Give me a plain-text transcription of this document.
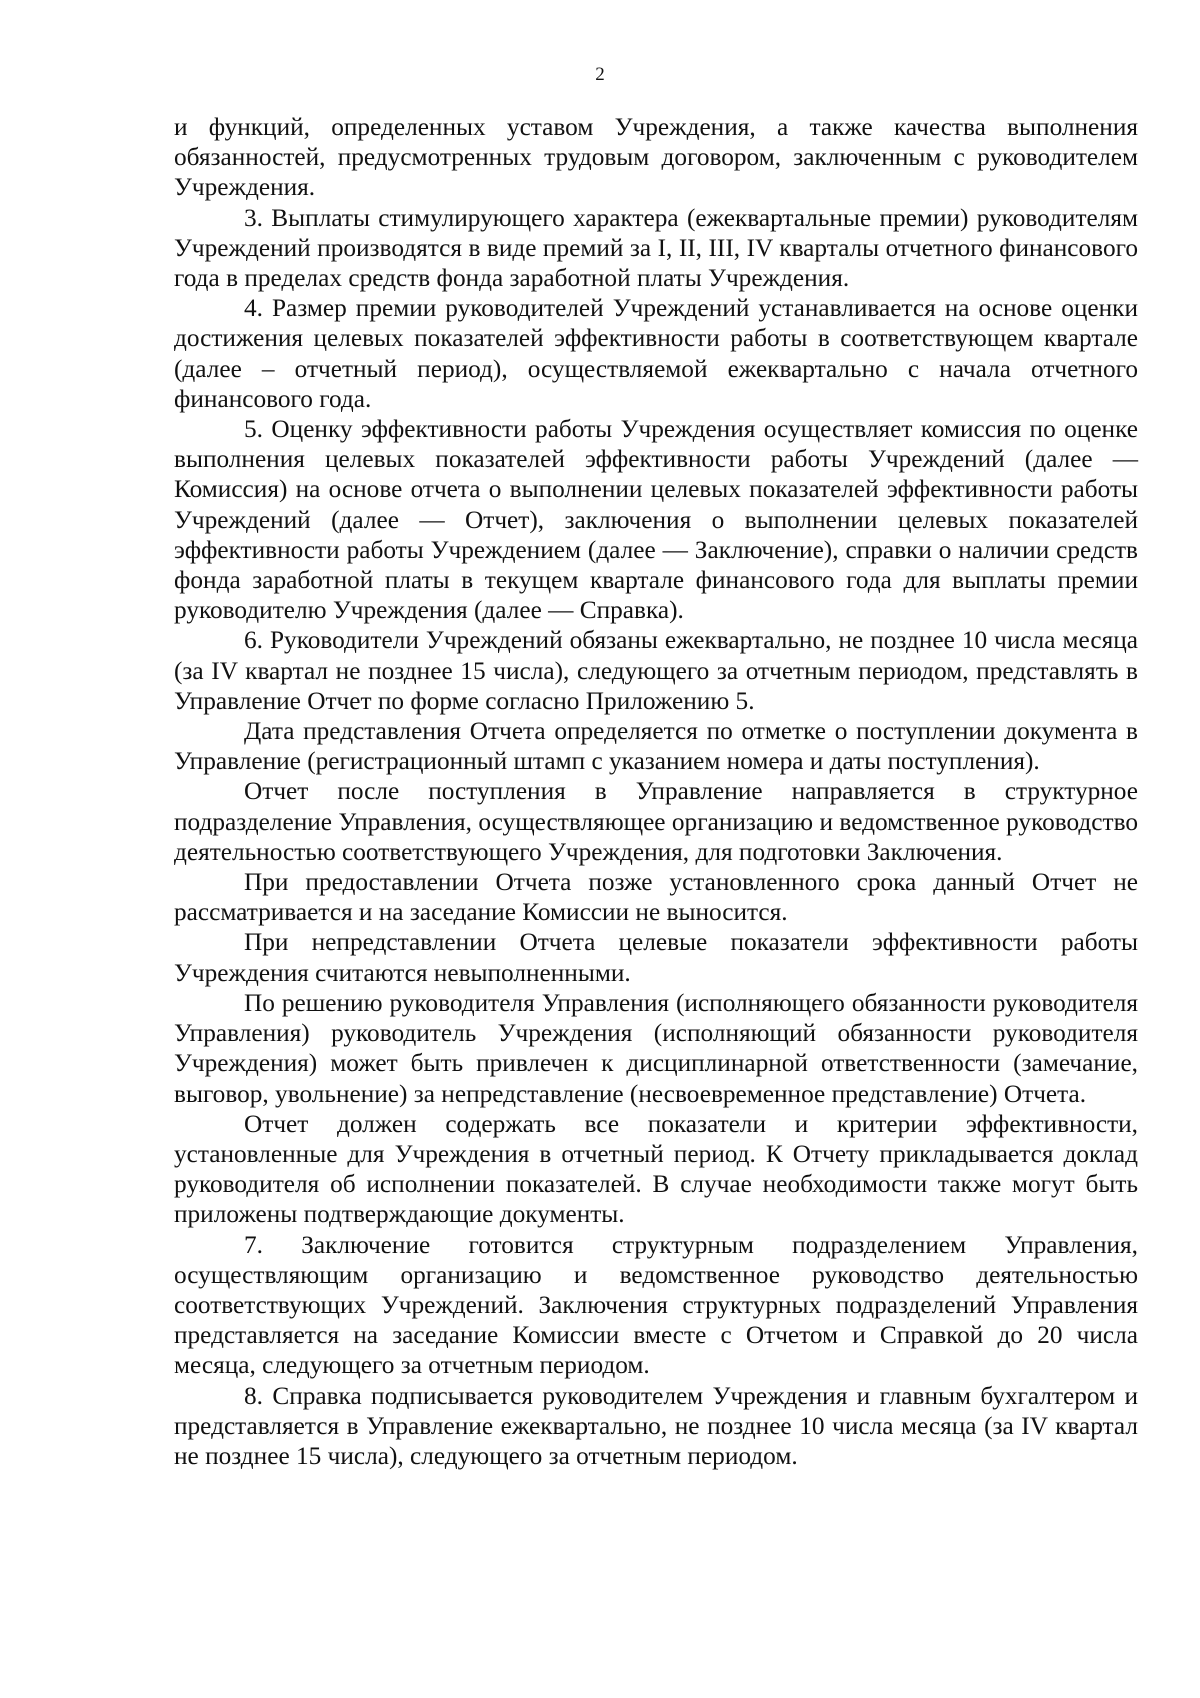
2

и функций, определенных уставом Учреждения, а также качества выполнения обязанностей, предусмотренных трудовым договором, заключенным с руководителем Учреждения.

3. Выплаты стимулирующего характера (ежеквартальные премии) руководителям Учреждений производятся в виде премий за I, II, III, IV кварталы отчетного финансового года в пределах средств фонда заработной платы Учреждения.

4. Размер премии руководителей Учреждений устанавливается на основе оценки достижения целевых показателей эффективности работы в соответствующем квартале (далее – отчетный период), осуществляемой ежеквартально с начала отчетного финансового года.

5. Оценку эффективности работы Учреждения осуществляет комиссия по оценке выполнения целевых показателей эффективности работы Учреждений (далее — Комиссия) на основе отчета о выполнении целевых показателей эффективности работы Учреждений (далее — Отчет), заключения о выполнении целевых показателей эффективности работы Учреждением (далее — Заключение), справки о наличии средств фонда заработной платы в текущем квартале финансового года для выплаты премии руководителю Учреждения (далее — Справка).

6. Руководители Учреждений обязаны ежеквартально, не позднее 10 числа месяца (за IV квартал не позднее 15 числа), следующего за отчетным периодом, представлять в Управление Отчет по форме согласно Приложению 5.

Дата представления Отчета определяется по отметке о поступлении документа в Управление (регистрационный штамп с указанием номера и даты поступления).

Отчет после поступления в Управление направляется в структурное подразделение Управления, осуществляющее организацию и ведомственное руководство деятельностью соответствующего Учреждения, для подготовки Заключения.

При предоставлении Отчета позже установленного срока данный Отчет не рассматривается и на заседание Комиссии не выносится.

При непредставлении Отчета целевые показатели эффективности работы Учреждения считаются невыполненными.

По решению руководителя Управления (исполняющего обязанности руководителя Управления) руководитель Учреждения (исполняющий обязанности руководителя Учреждения) может быть привлечен к дисциплинарной ответственности (замечание, выговор, увольнение) за непредставление (несвоевременное представление) Отчета.

Отчет должен содержать все показатели и критерии эффективности, установленные для Учреждения в отчетный период. К Отчету прикладывается доклад руководителя об исполнении показателей. В случае необходимости также могут быть приложены подтверждающие документы.

7. Заключение готовится структурным подразделением Управления, осуществляющим организацию и ведомственное руководство деятельностью соответствующих Учреждений. Заключения структурных подразделений Управления представляется на заседание Комиссии вместе с Отчетом и Справкой до 20 числа месяца, следующего за отчетным периодом.

8. Справка подписывается руководителем Учреждения и главным бухгалтером и представляется в Управление ежеквартально, не позднее 10 числа месяца (за IV квартал не позднее 15 числа), следующего за отчетным периодом.
